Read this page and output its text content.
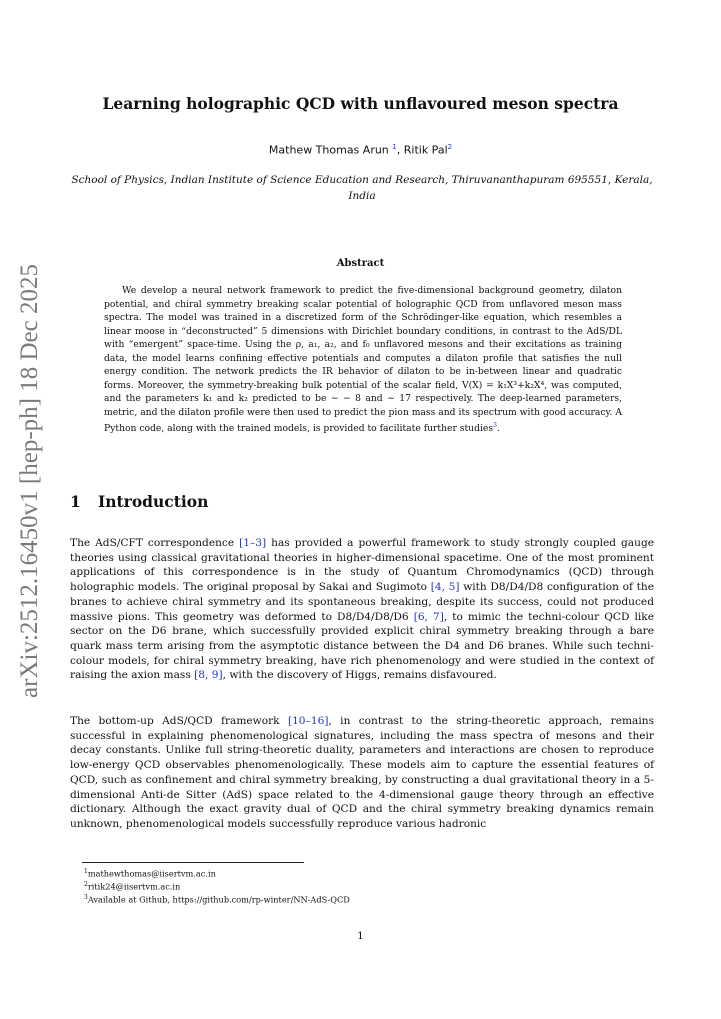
arXiv:2512.16450v1 [hep-ph] 18 Dec 2025
Learning holographic QCD with unflavoured meson spectra
Mathew Thomas Arun $^1$, Ritik Pal$^2$
School of Physics, Indian Institute of Science Education and Research, Thiruvananthapuram 695551, Kerala, India
Abstract
We develop a neural network framework to predict the five-dimensional background geometry, dilaton potential, and chiral symmetry breaking scalar potential of holographic QCD from unflavored meson mass spectra. The model was trained in a discretized form of the Schrödinger-like equation, which resembles a linear moose in “deconstructed” 5 dimensions with Dirichlet boundary conditions, in contrast to the AdS/DL with “emergent” space-time. Using the ρ, a₁, a₂, and f₀ unflavored mesons and their excitations as training data, the model learns confining effective potentials and computes a dilaton profile that satisfies the null energy condition. The network predicts the IR behavior of dilaton to be in-between linear and quadratic forms. Moreover, the symmetry-breaking bulk potential of the scalar field, V(X) = k₁X³+k₂X⁴, was computed, and the parameters k₁ and k₂ predicted to be ∼ − 8 and ∼ 17 respectively. The deep-learned parameters, metric, and the dilaton profile were then used to predict the pion mass and its spectrum with good accuracy. A Python code, along with the trained models, is provided to facilitate further studies$^3$.
1 Introduction
The AdS/CFT correspondence [1–3] has provided a powerful framework to study strongly coupled gauge theories using classical gravitational theories in higher-dimensional spacetime. One of the most prominent applications of this correspondence is in the study of Quantum Chromodynamics (QCD) through holographic models. The original proposal by Sakai and Sugimoto [4, 5] with D8/D4/D8 configuration of the branes to achieve chiral symmetry and its spontaneous breaking, despite its success, could not produced massive pions. This geometry was deformed to D8/D4/D8/D6 [6, 7], to mimic the techni-colour QCD like sector on the D6 brane, which successfully provided explicit chiral symmetry breaking through a bare quark mass term arising from the asymptotic distance between the D4 and D6 branes. While such techni-colour models, for chiral symmetry breaking, have rich phenomenology and were studied in the context of raising the axion mass [8, 9], with the discovery of Higgs, remains disfavoured.
The bottom-up AdS/QCD framework [10–16], in contrast to the string-theoretic approach, remains successful in explaining phenomenological signatures, including the mass spectra of mesons and their decay constants. Unlike full string-theoretic duality, parameters and interactions are chosen to reproduce low-energy QCD observables phenomenologically. These models aim to capture the essential features of QCD, such as confinement and chiral symmetry breaking, by constructing a dual gravitational theory in a 5-dimensional Anti-de Sitter (AdS) space related to the 4-dimensional gauge theory through an effective dictionary. Although the exact gravity dual of QCD and the chiral symmetry breaking dynamics remain unknown, phenomenological models successfully reproduce various hadronic
$^1$mathewthomas@iisertvm.ac.in
$^2$ritik24@iisertvm.ac.in
$^3$Available at Github, https://github.com/rp-winter/NN-AdS-QCD
1
